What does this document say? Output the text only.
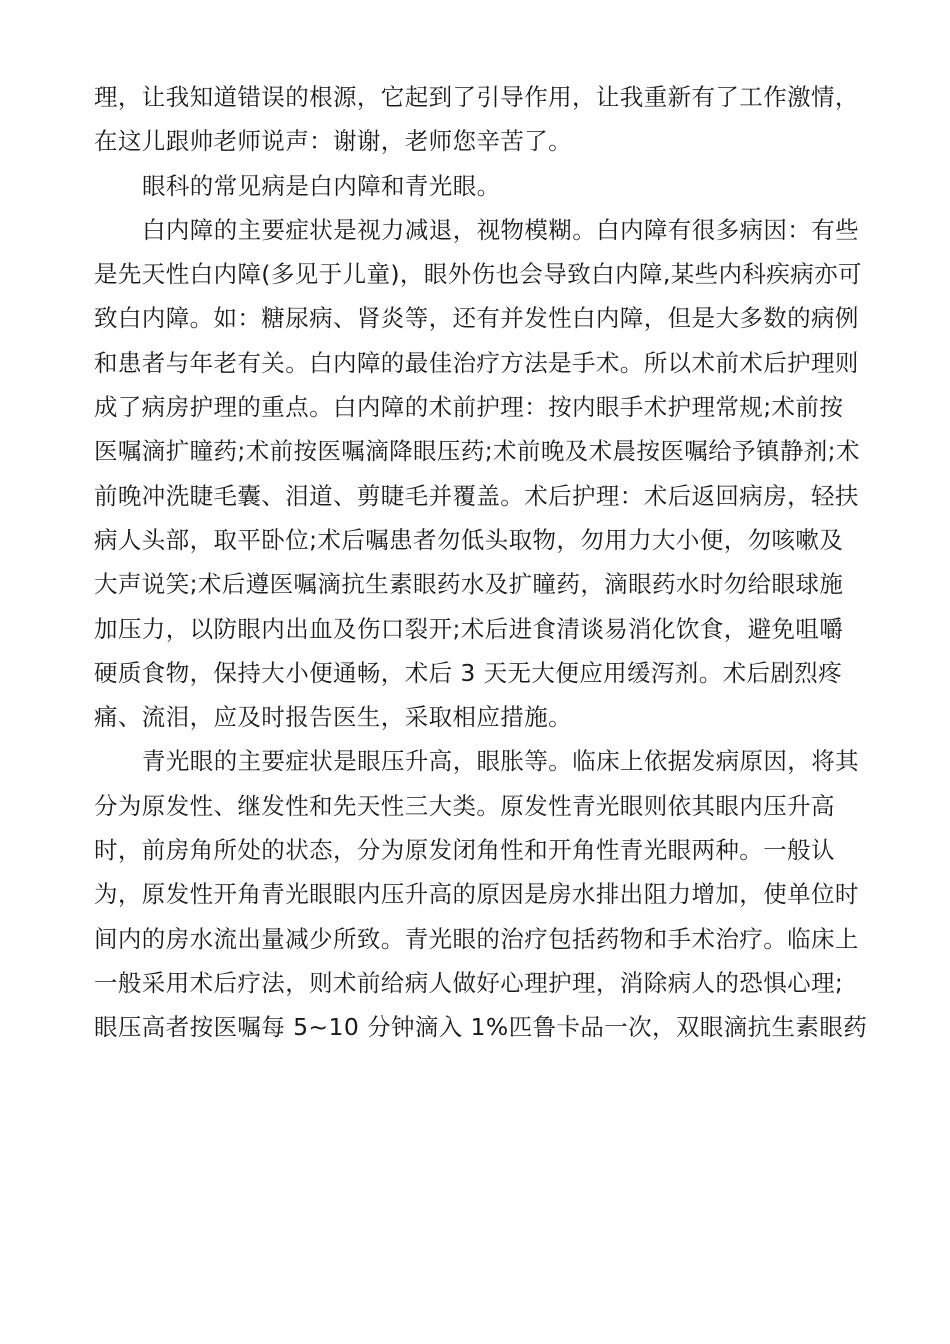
理，让我知道错误的根源，它起到了引导作用，让我重新有了工作激情，
在这儿跟帅老师说声：谢谢，老师您辛苦了。
眼科的常见病是白内障和青光眼。
白内障的主要症状是视力减退，视物模糊。白内障有很多病因：有些
是先天性白内障(多见于儿童)，眼外伤也会导致白内障,某些内科疾病亦可
致白内障。如：糖尿病、肾炎等，还有并发性白内障，但是大多数的病例
和患者与年老有关。白内障的最佳治疗方法是手术。所以术前术后护理则
成了病房护理的重点。白内障的术前护理：按内眼手术护理常规;术前按
医嘱滴扩瞳药;术前按医嘱滴降眼压药;术前晚及术晨按医嘱给予镇静剂;术
前晚冲洗睫毛囊、泪道、剪睫毛并覆盖。术后护理：术后返回病房，轻扶
病人头部，取平卧位;术后嘱患者勿低头取物，勿用力大小便，勿咳嗽及
大声说笑;术后遵医嘱滴抗生素眼药水及扩瞳药，滴眼药水时勿给眼球施
加压力，以防眼内出血及伤口裂开;术后进食清谈易消化饮食，避免咀嚼
硬质食物，保持大小便通畅，术后 3 天无大便应用缓泻剂。术后剧烈疼
痛、流泪，应及时报告医生，采取相应措施。
青光眼的主要症状是眼压升高，眼胀等。临床上依据发病原因，将其
分为原发性、继发性和先天性三大类。原发性青光眼则依其眼内压升高
时，前房角所处的状态，分为原发闭角性和开角性青光眼两种。一般认
为，原发性开角青光眼眼内压升高的原因是房水排出阻力增加，使单位时
间内的房水流出量减少所致。青光眼的治疗包括药物和手术治疗。临床上
一般采用术后疗法，则术前给病人做好心理护理，消除病人的恐惧心理;
眼压高者按医嘱每 5~10 分钟滴入 1%匹鲁卡品一次，双眼滴抗生素眼药
